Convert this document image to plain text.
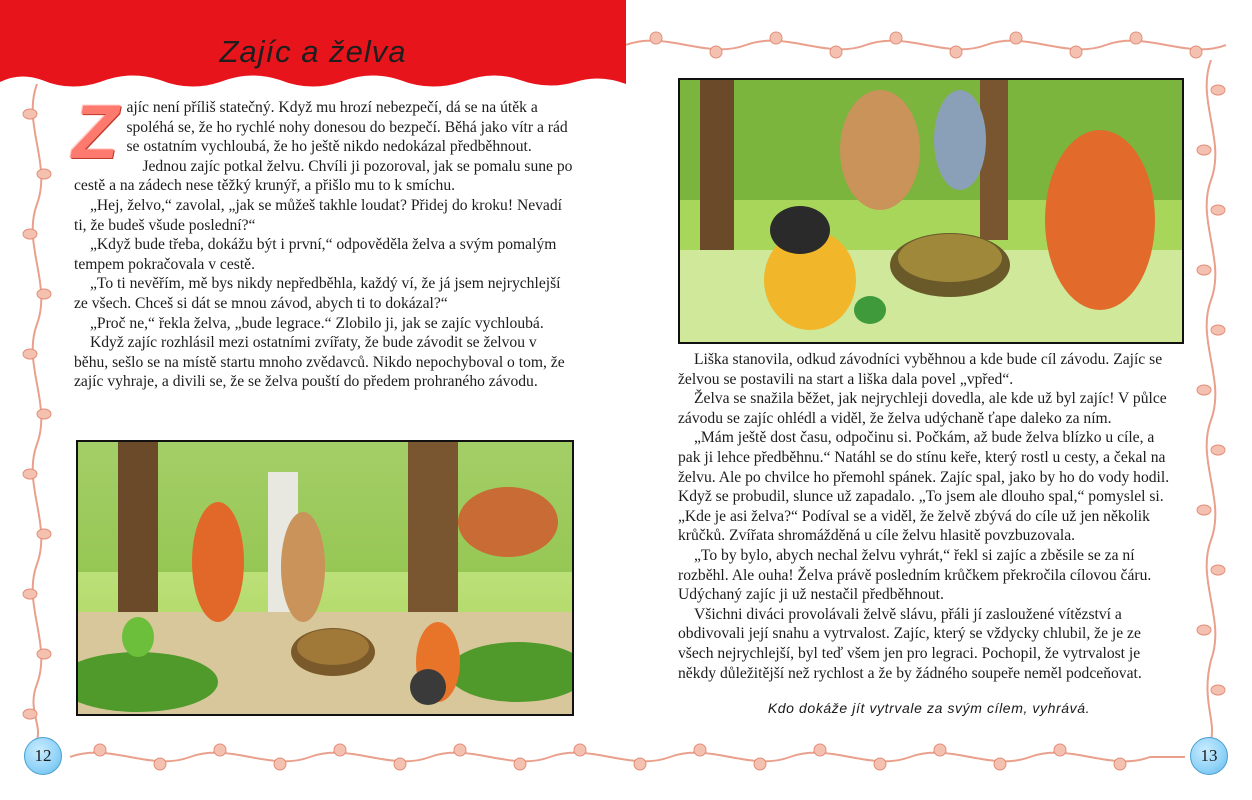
Zajíc a želva

Zajíc není příliš statečný. Když mu hrozí nebezpečí, dá se na útěk a spoléhá se, že ho rychlé nohy donesou do bezpečí. Běhá jako vítr a rád se ostatním vychloubá, že ho ještě nikdo nedokázal předběhnout.

Jednou zajíc potkal želvu. Chvíli ji pozoroval, jak se pomalu sune po cestě a na zádech nese těžký krunýř, a přišlo mu to k smíchu.

„Hej, želvo,“ zavolal, „jak se můžeš takhle loudat? Přidej do kroku! Nevadí ti, že budeš všude poslední?“

„Když bude třeba, dokážu být i první,“ odpověděla želva a svým pomalým tempem pokračovala v cestě.

„To ti nevěřím, mě bys nikdy nepředběhla, každý ví, že já jsem nejrychlejší ze všech. Chceš si dát se mnou závod, abych ti to dokázal?“

„Proč ne,“ řekla želva, „bude legrace.“ Zlobilo ji, jak se zajíc vychloubá.

Když zajíc rozhlásil mezi ostatními zvířaty, že bude závodit se želvou v běhu, sešlo se na místě startu mnoho zvědavců. Nikdo nepochyboval o tom, že zajíc vyhraje, a divili se, že se želva pouští do předem prohraného závodu.

Liška stanovila, odkud závodníci vyběhnou a kde bude cíl závodu. Zajíc se želvou se postavili na start a liška dala povel „vpřed“.

Želva se snažila běžet, jak nejrychleji dovedla, ale kde už byl zajíc! V půlce závodu se zajíc ohlédl a viděl, že želva udýchaně ťape daleko za ním.

„Mám ještě dost času, odpočinu si. Počkám, až bude želva blízko u cíle, a pak ji lehce předběhnu.“ Natáhl se do stínu keře, který rostl u cesty, a čekal na želvu. Ale po chvilce ho přemohl spánek. Zajíc spal, jako by ho do vody hodil. Když se probudil, slunce už zapadalo. „To jsem ale dlouho spal,“ pomyslel si. „Kde je asi želva?“ Podíval se a viděl, že želvě zbývá do cíle už jen několik krůčků. Zvířata shromážděná u cíle želvu hlasitě povzbuzovala.

„To by bylo, abych nechal želvu vyhrát,“ řekl si zajíc a zběsile se za ní rozběhl. Ale ouha! Želva právě posledním krůčkem překročila cílovou čáru. Udýchaný zajíc ji už nestačil předběhnout.

Všichni diváci provolávali želvě slávu, přáli jí zasloužené vítězství a obdivovali její snahu a vytrvalost. Zajíc, který se vždycky chlubil, že je ze všech nejrychlejší, byl teď všem jen pro legraci. Pochopil, že vytrvalost je někdy důležitější než rychlost a že by žádného soupeře neměl podceňovat.

Kdo dokáže jít vytrvale za svým cílem, vyhrává.
12	13
